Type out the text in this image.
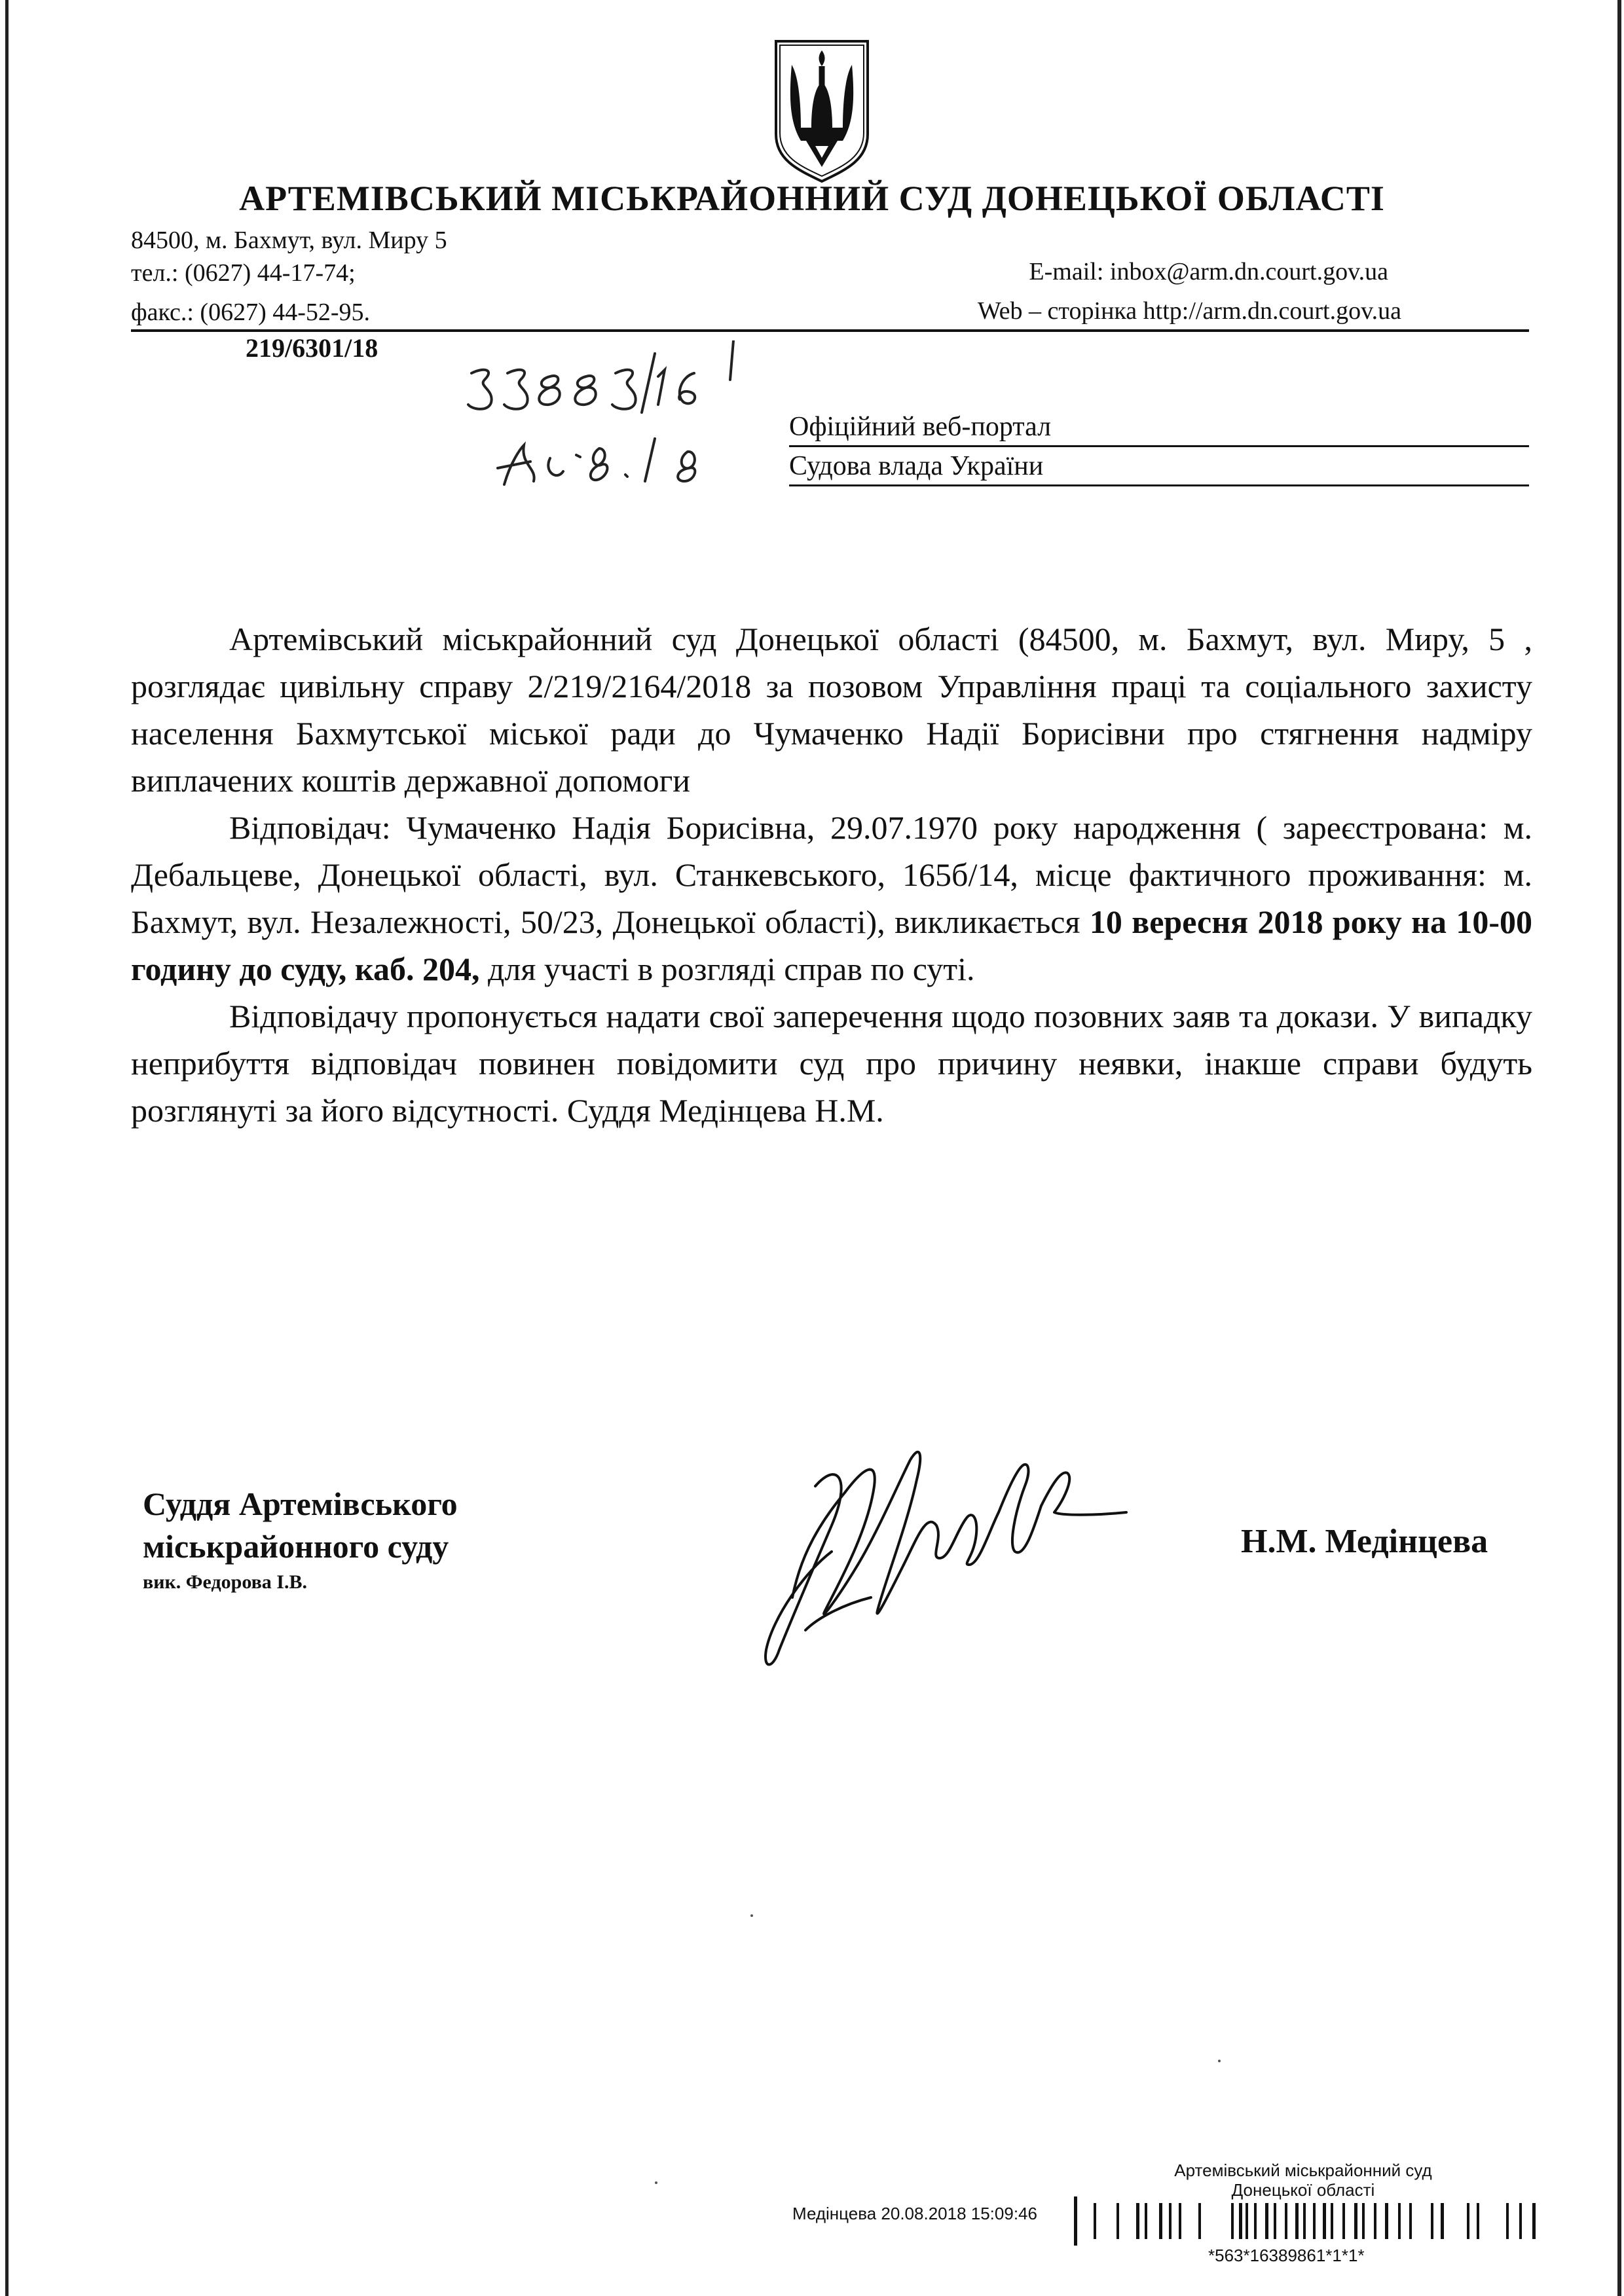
АРТЕМІВСЬКИЙ МІСЬКРАЙОННИЙ СУД ДОНЕЦЬКОЇ ОБЛАСТІ
84500, м. Бахмут, вул. Миру 5
тел.: (0627) 44-17-74;
факс.: (0627) 44-52-95.
E-mail: inbox@arm.dn.court.gov.ua
Web – сторінка http://arm.dn.court.gov.ua
219/6301/18
Офіційний веб-портал
Судова влада України

Артемівський міськрайонний суд Донецької області (84500, м. Бахмут, вул. Миру, 5 , розглядає цивільну справу 2/219/2164/2018 за позовом Управління праці та соціального захисту населення Бахмутської міської ради до Чумаченко Надії Борисівни про стягнення надміру виплачених коштів державної допомоги

Відповідач: Чумаченко Надія Борисівна, 29.07.1970 року народження ( зареєстрована: м. Дебальцеве, Донецької області, вул. Станкевського, 165б/14, місце фактичного проживання: м. Бахмут, вул. Незалежності, 50/23, Донецької області), викликається 10 вересня 2018 року на 10-00 годину до суду, каб. 204, для участі в розгляді справ по суті.

Відповідачу пропонується надати свої заперечення щодо позовних заяв та докази. У випадку неприбуття відповідач повинен повідомити суд про причину неявки, інакше справи будуть розглянуті за його відсутності. Суддя Медінцева Н.М.

Суддя Артемівського
міськрайонного суду
вик. Федорова І.В.
Н.М. Медінцева
Артемівський міськрайонний суд
Донецької області
Медінцева 20.08.2018 15:09:46
*563*16389861*1*1*
